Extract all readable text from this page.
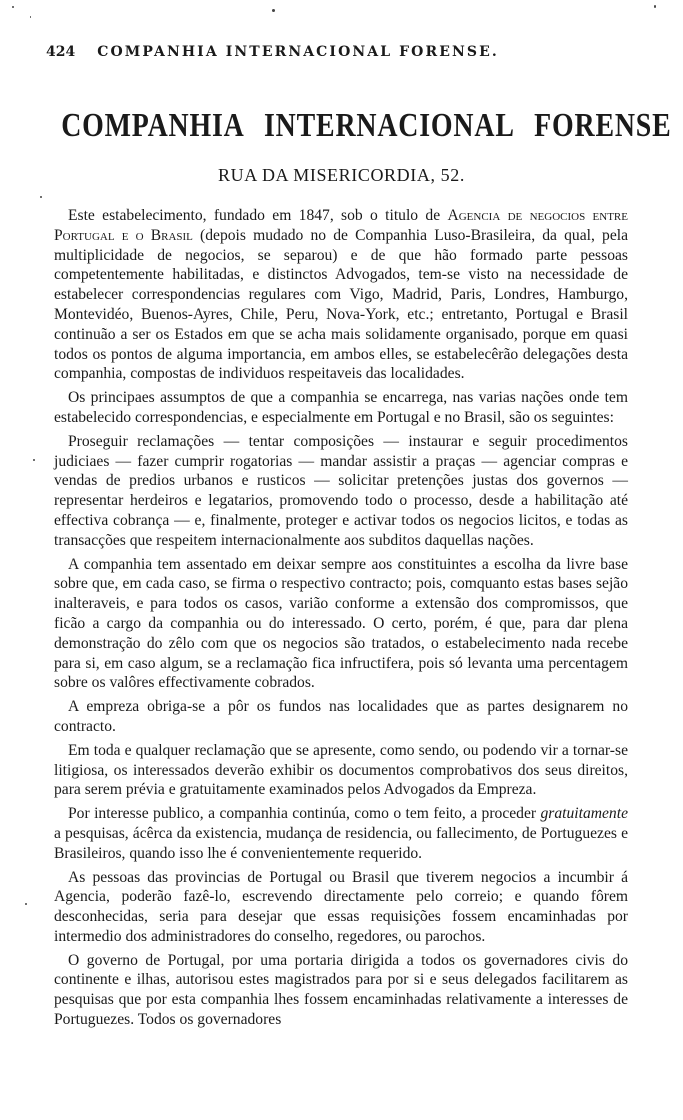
424 COMPANHIA INTERNACIONAL FORENSE.
COMPANHIA INTERNACIONAL FORENSE
RUA DA MISERICORDIA, 52.

Este estabelecimento, fundado em 1847, sob o titulo de Agencia de negocios entre Portugal e o Brasil (depois mudado no de Companhia Luso-Brasileira, da qual, pela multiplicidade de negocios, se separou) e de que hão formado parte pessoas competentemente habilitadas, e distinctos Advogados, tem-se visto na necessidade de estabelecer correspondencias regulares com Vigo, Madrid, Paris, Londres, Hamburgo, Montevidéo, Buenos-Ayres, Chile, Peru, Nova-York, etc.; entretanto, Portugal e Brasil continuão a ser os Estados em que se acha mais solidamente organisado, porque em quasi todos os pontos de alguma importancia, em ambos elles, se estabelecêrão delegações desta companhia, compostas de individuos respeitaveis das localidades.

Os principaes assumptos de que a companhia se encarrega, nas varias nações onde tem estabelecido correspondencias, e especialmente em Portugal e no Brasil, são os seguintes:

Proseguir reclamações — tentar composições — instaurar e seguir procedimentos judiciaes — fazer cumprir rogatorias — mandar assistir a praças — agenciar compras e vendas de predios urbanos e rusticos — solicitar pretenções justas dos governos — representar herdeiros e legatarios, promovendo todo o processo, desde a habilitação até effectiva cobrança — e, finalmente, proteger e activar todos os negocios licitos, e todas as transacções que respeitem internacionalmente aos subditos daquellas nações.

A companhia tem assentado em deixar sempre aos constituintes a escolha da livre base sobre que, em cada caso, se firma o respectivo contracto; pois, comquanto estas bases sejão inalteraveis, e para todos os casos, varião conforme a extensão dos compromissos, que ficão a cargo da companhia ou do interessado. O certo, porém, é que, para dar plena demonstração do zêlo com que os negocios são tratados, o estabelecimento nada recebe para si, em caso algum, se a reclamação fica infructifera, pois só levanta uma percentagem sobre os valôres effectivamente cobrados.

A empreza obriga-se a pôr os fundos nas localidades que as partes designarem no contracto.

Em toda e qualquer reclamação que se apresente, como sendo, ou podendo vir a tornar-se litigiosa, os interessados deverão exhibir os documentos comprobativos dos seus direitos, para serem prévia e gratuitamente examinados pelos Advogados da Empreza.

Por interesse publico, a companhia continúa, como o tem feito, a proceder gratuitamente a pesquisas, ácêrca da existencia, mudança de residencia, ou fallecimento, de Portuguezes e Brasileiros, quando isso lhe é convenientemente requerido.

As pessoas das provincias de Portugal ou Brasil que tiverem negocios a incumbir á Agencia, poderão fazê-lo, escrevendo directamente pelo correio; e quando fôrem desconhecidas, seria para desejar que essas requisições fossem encaminhadas por intermedio dos administradores do conselho, regedores, ou parochos.

O governo de Portugal, por uma portaria dirigida a todos os governadores civis do continente e ilhas, autorisou estes magistrados para por si e seus delegados facilitarem as pesquisas que por esta companhia lhes fossem encaminhadas relativamente a interesses de Portuguezes. Todos os governadores
